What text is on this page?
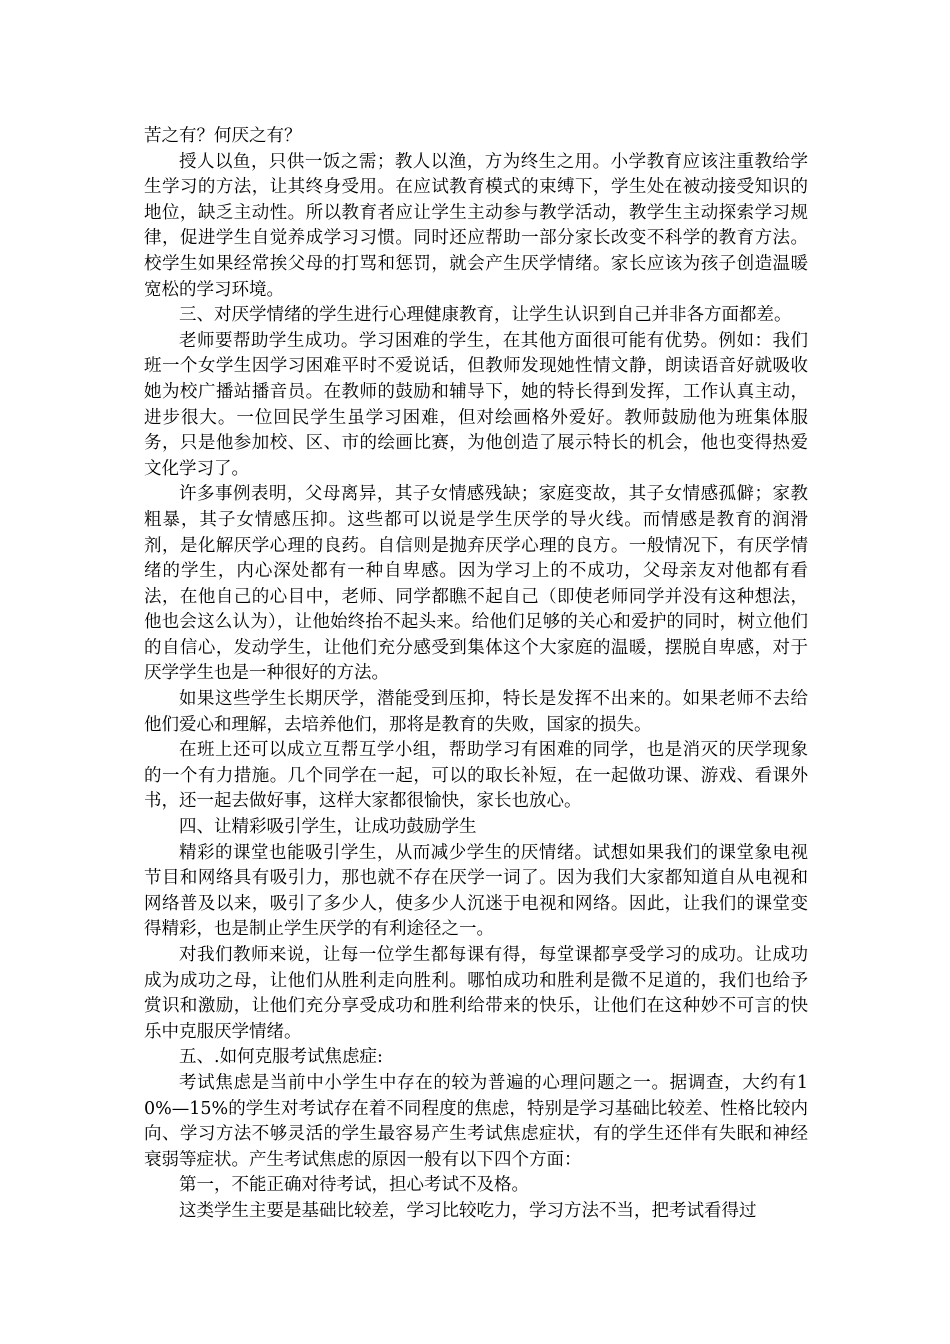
苦之有？何厌之有？

授人以鱼，只供一饭之需；教人以渔，方为终生之用。小学教育应该注重教给学生学习的方法，让其终身受用。在应试教育模式的束缚下，学生处在被动接受知识的地位，缺乏主动性。所以教育者应让学生主动参与教学活动，教学生主动探索学习规律，促进学生自觉养成学习习惯。同时还应帮助一部分家长改变不科学的教育方法。校学生如果经常挨父母的打骂和惩罚，就会产生厌学情绪。家长应该为孩子创造温暖宽松的学习环境。

三、对厌学情绪的学生进行心理健康教育，让学生认识到自己并非各方面都差。

老师要帮助学生成功。学习困难的学生，在其他方面很可能有优势。例如：我们班一个女学生因学习困难平时不爱说话，但教师发现她性情文静，朗读语音好就吸收她为校广播站播音员。在教师的鼓励和辅导下，她的特长得到发挥，工作认真主动，进步很大。一位回民学生虽学习困难，但对绘画格外爱好。教师鼓励他为班集体服务，只是他参加校、区、市的绘画比赛，为他创造了展示特长的机会，他也变得热爱文化学习了。

许多事例表明，父母离异，其子女情感残缺；家庭变故，其子女情感孤僻；家教粗暴，其子女情感压抑。这些都可以说是学生厌学的导火线。而情感是教育的润滑剂，是化解厌学心理的良药。自信则是抛弃厌学心理的良方。一般情况下，有厌学情绪的学生，内心深处都有一种自卑感。因为学习上的不成功，父母亲友对他都有看法，在他自己的心目中，老师、同学都瞧不起自己（即使老师同学并没有这种想法，他也会这么认为），让他始终抬不起头来。给他们足够的关心和爱护的同时，树立他们的自信心，发动学生，让他们充分感受到集体这个大家庭的温暖，摆脱自卑感，对于厌学学生也是一种很好的方法。

如果这些学生长期厌学，潜能受到压抑，特长是发挥不出来的。如果老师不去给他们爱心和理解，去培养他们，那将是教育的失败，国家的损失。

在班上还可以成立互帮互学小组，帮助学习有困难的同学，也是消灭的厌学现象的一个有力措施。几个同学在一起，可以的取长补短，在一起做功课、游戏、看课外书，还一起去做好事，这样大家都很愉快，家长也放心。

四、让精彩吸引学生，让成功鼓励学生

精彩的课堂也能吸引学生，从而减少学生的厌情绪。试想如果我们的课堂象电视节目和网络具有吸引力，那也就不存在厌学一词了。因为我们大家都知道自从电视和网络普及以来，吸引了多少人，使多少人沉迷于电视和网络。因此，让我们的课堂变得精彩，也是制止学生厌学的有利途径之一。

对我们教师来说，让每一位学生都每课有得，每堂课都享受学习的成功。让成功成为成功之母，让他们从胜利走向胜利。哪怕成功和胜利是微不足道的，我们也给予赏识和激励，让他们充分享受成功和胜利给带来的快乐，让他们在这种妙不可言的快乐中克服厌学情绪。

五、.如何克服考试焦虑症:

考试焦虑是当前中小学生中存在的较为普遍的心理问题之一。据调查，大约有10%—15%的学生对考试存在着不同程度的焦虑，特别是学习基础比较差、性格比较内向、学习方法不够灵活的学生最容易产生考试焦虑症状，有的学生还伴有失眠和神经衰弱等症状。产生考试焦虑的原因一般有以下四个方面：

第一，不能正确对待考试，担心考试不及格。

这类学生主要是基础比较差，学习比较吃力，学习方法不当，把考试看得过
